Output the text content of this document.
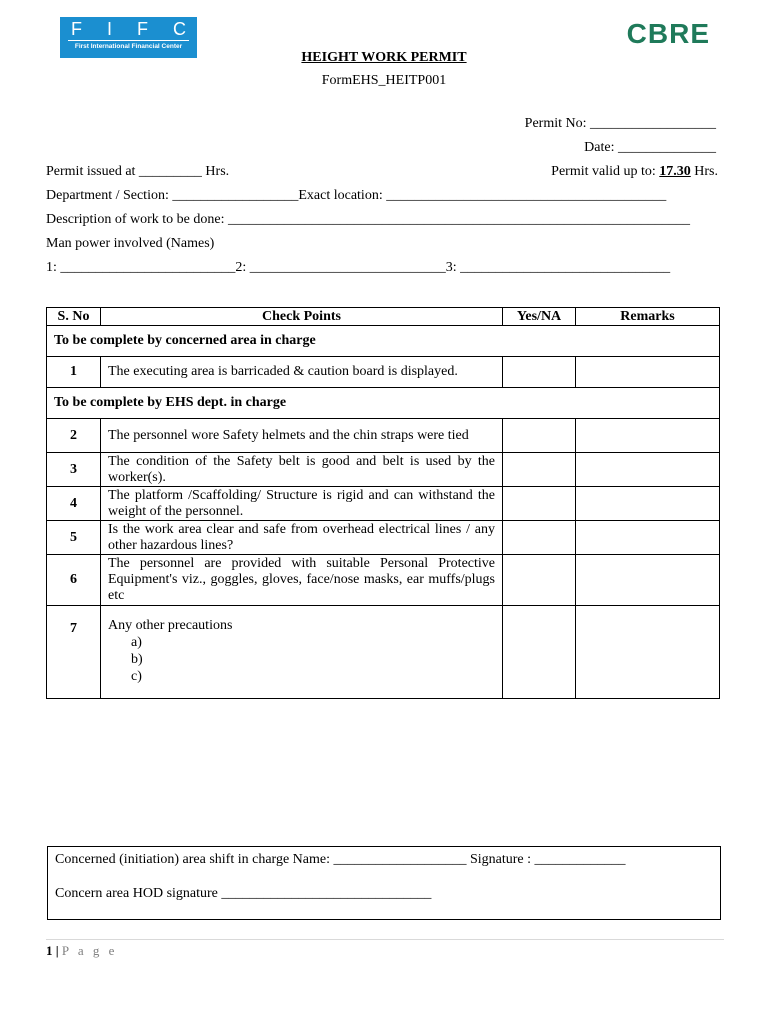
F I F C
First International Financial Center	CBRE
HEIGHT WORK PERMIT
FormEHS_HEITP001
Permit No: __________________
Date: ______________
Permit issued at _________ Hrs.	Permit valid up to: 17.30 Hrs.
Department / Section: __________________Exact location: ________________________________________
Description of work to be done: __________________________________________________________________
Man power involved (Names)
1: _________________________2: ____________________________3: ______________________________
S. No	Check Points	Yes/NA	Remarks
To be complete by concerned area in charge			
1	The executing area is barricaded & caution board is displayed.		
To be complete by EHS dept. in charge			
2	The personnel wore Safety helmets and the chin straps were tied		
3	The condition of the Safety belt is good and belt is used by the worker(s).		
4	The platform /Scaffolding/ Structure is rigid and can withstand the weight of the personnel.		
5	Is the work area clear and safe from overhead electrical lines / any other hazardous lines?		
6	The personnel are provided with suitable Personal Protective Equipment's viz., goggles, gloves, face/nose masks, ear muffs/plugs etc		
7	Any other precautions
a)
b)
c)		

Concerned (initiation) area shift in charge Name: ___________________ Signature : _____________
Concern area HOD signature ______________________________
1 | P a g e
